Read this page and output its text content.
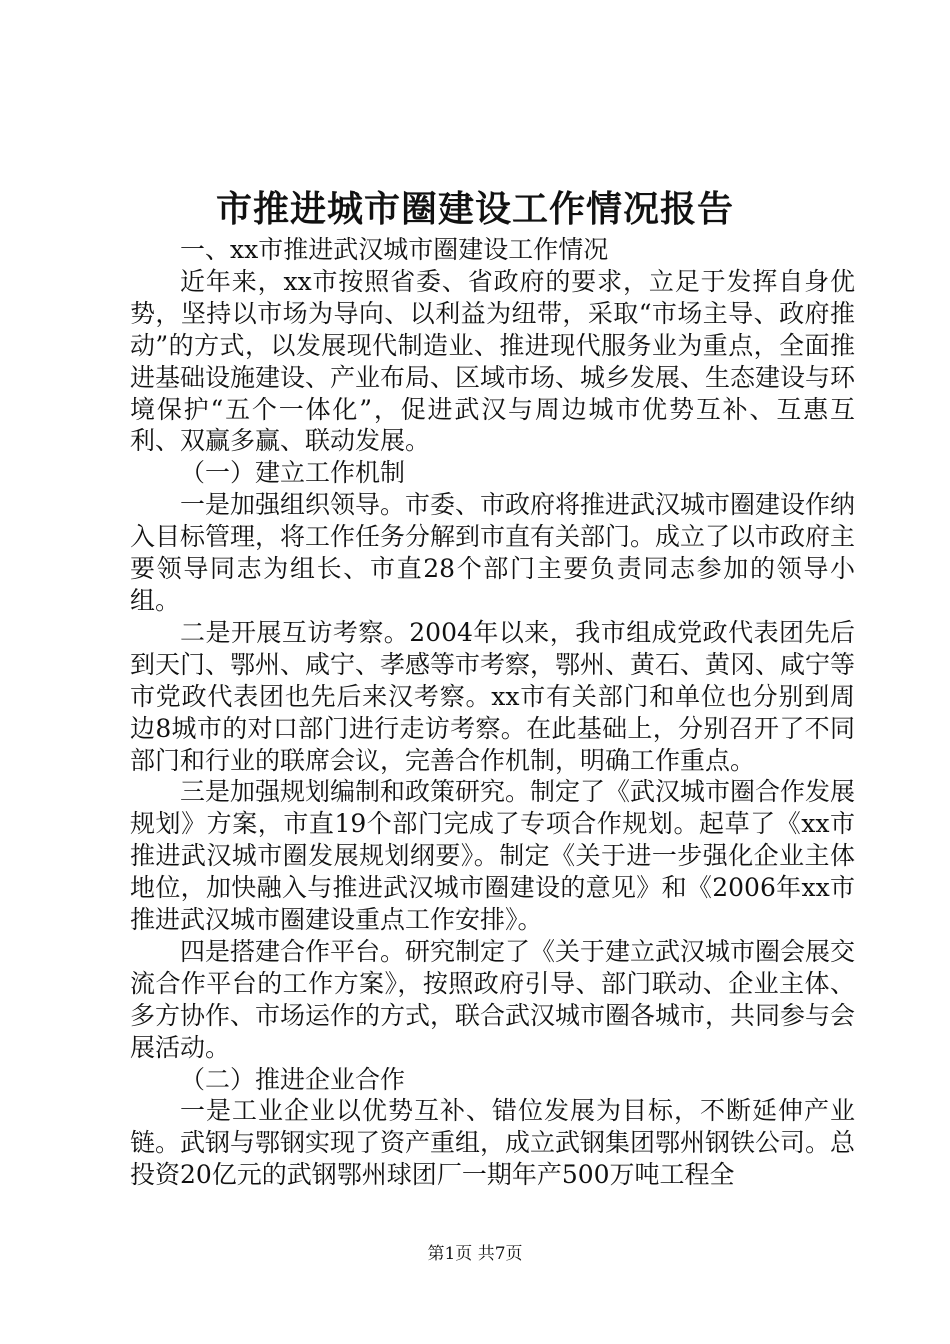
市推进城市圈建设工作情况报告

一、xx市推进武汉城市圈建设工作情况

近年来，xx市按照省委、省政府的要求，立足于发挥自身优势，坚持以市场为导向、以利益为纽带，采取“市场主导、政府推动”的方式，以发展现代制造业、推进现代服务业为重点，全面推进基础设施建设、产业布局、区域市场、城乡发展、生态建设与环境保护“五个一体化”，促进武汉与周边城市优势互补、互惠互利、双赢多赢、联动发展。

（一）建立工作机制

一是加强组织领导。市委、市政府将推进武汉城市圈建设作纳入目标管理，将工作任务分解到市直有关部门。成立了以市政府主要领导同志为组长、市直28个部门主要负责同志参加的领导小组。

二是开展互访考察。2004年以来，我市组成党政代表团先后到天门、鄂州、咸宁、孝感等市考察，鄂州、黄石、黄冈、咸宁等市党政代表团也先后来汉考察。xx市有关部门和单位也分别到周边8城市的对口部门进行走访考察。在此基础上，分别召开了不同部门和行业的联席会议，完善合作机制，明确工作重点。

三是加强规划编制和政策研究。制定了《武汉城市圈合作发展规划》方案，市直19个部门完成了专项合作规划。起草了《xx市推进武汉城市圈发展规划纲要》。制定《关于进一步强化企业主体地位，加快融入与推进武汉城市圈建设的意见》和《2006年xx市推进武汉城市圈建设重点工作安排》。

四是搭建合作平台。研究制定了《关于建立武汉城市圈会展交流合作平台的工作方案》，按照政府引导、部门联动、企业主体、多方协作、市场运作的方式，联合武汉城市圈各城市，共同参与会展活动。

（二）推进企业合作

一是工业企业以优势互补、错位发展为目标，不断延伸产业链。武钢与鄂钢实现了资产重组，成立武钢集团鄂州钢铁公司。总投资20亿元的武钢鄂州球团厂一期年产500万吨工程全

第1页 共7页
